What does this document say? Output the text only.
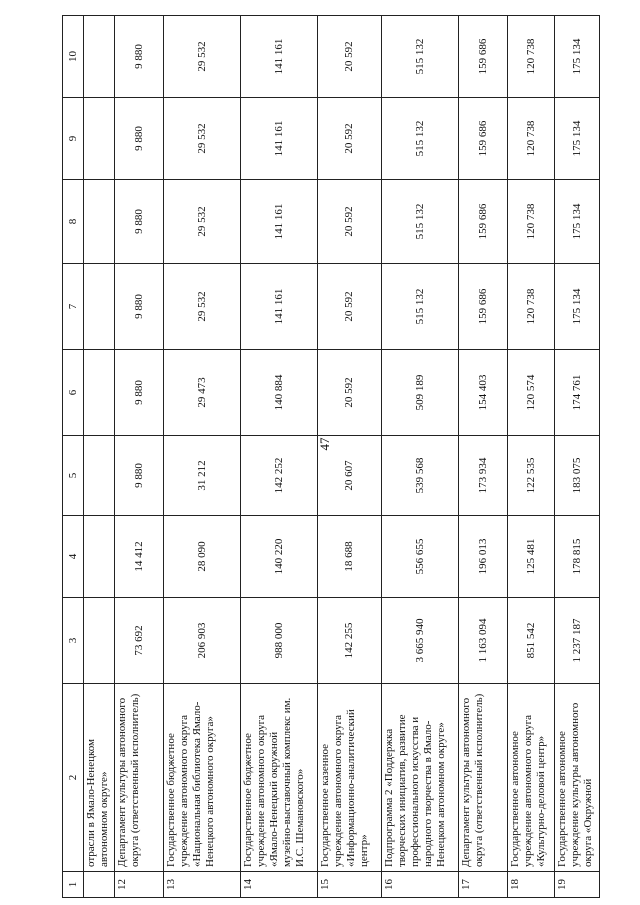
47
1	2	3	4	5	6	7	8	9	10
	отрасли в Ямало-Ненецком автономном округе»								
12	Департамент культуры автономного округа (ответственный исполнитель)	73 692	14 412	9 880	9 880	9 880	9 880	9 880	9 880
13	Государственное бюджетное учреждение автономного округа «Национальная библиотека Ямало-Ненецкого автономного округа»	206 903	28 090	31 212	29 473	29 532	29 532	29 532	29 532
14	Государственное бюджетное учреждение автономного округа «Ямало-Ненецкий окружной музейно-выставочный комплекс им. И.С. Шемановского»	988 000	140 220	142 252	140 884	141 161	141 161	141 161	141 161
15	Государственное казенное учреждение автономного округа «Информационно-аналитический центр»	142 255	18 688	20 607	20 592	20 592	20 592	20 592	20 592
16	Подпрограмма 2 «Поддержка творческих инициатив, развитие профессионального искусства и народного творчества в Ямало-Ненецком автономном округе»	3 665 940	556 655	539 568	509 189	515 132	515 132	515 132	515 132
17	Департамент культуры автономного округа (ответственный исполнитель)	1 163 094	196 013	173 934	154 403	159 686	159 686	159 686	159 686
18	Государственное автономное учреждение автономного округа «Культурно-деловой центр»	851 542	125 481	122 535	120 574	120 738	120 738	120 738	120 738
19	Государственное автономное учреждение культуры автономного округа «Окружной	1 237 187	178 815	183 075	174 761	175 134	175 134	175 134	175 134
